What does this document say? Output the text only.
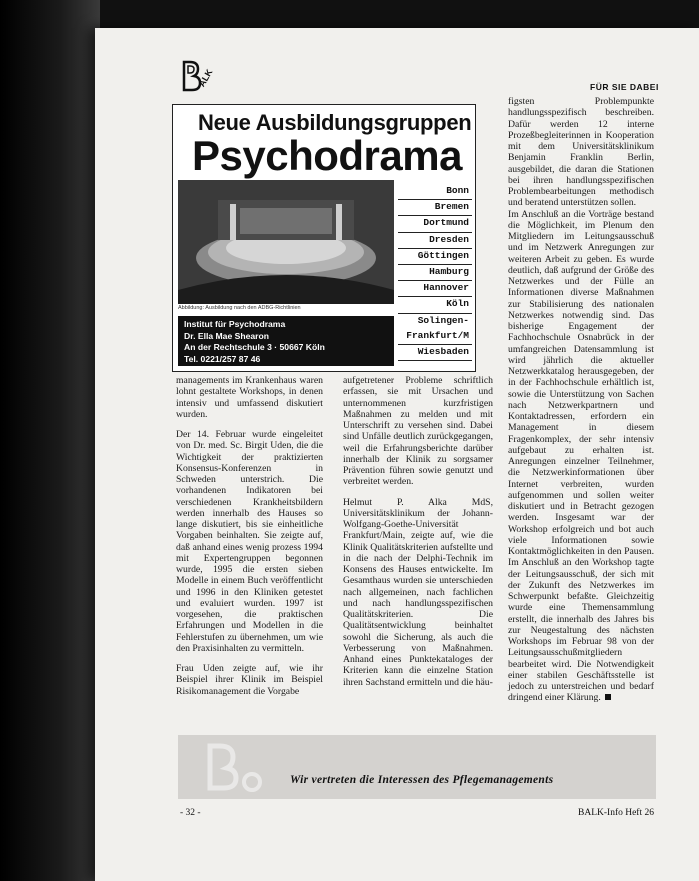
ALK	FÜR SIE DABEI
Neue Ausbildungsgruppen
Psychodrama
Abbildung: Ausbildung nach den ADBG-Richtlinien
Bonn
Bremen
Dortmund
Dresden
Göttingen
Hamburg
Hannover
Köln
Solingen-
Frankfurt/M
Wiesbaden
Institut für Psychodrama
Dr. Ella Mae Shearon
An der Rechtschule 3 · 50667 Köln
Tel. 0221/257 87 46

managements im Krankenhaus waren lohnt gestaltete Workshops, in denen intensiv und umfassend diskutiert wurden.

Der 14. Februar wurde eingeleitet von Dr. med. Sc. Birgit Uden, die die Wichtigkeit der praktizierten Konsensus-Konferenzen in Schweden unterstrich. Die vorhandenen Indikatoren bei verschiedenen Krankheitsbildern werden innerhalb des Hauses so lange diskutiert, bis sie einheitliche Vorgaben beinhalten. Sie zeigte auf, daß anhand eines wenig prozess 1994 mit Expertengruppen begonnen wurde, 1995 die ersten sieben Modelle in einem Buch veröffentlicht und 1996 in den Kliniken getestet und evaluiert wurden. 1997 ist vorgesehen, die praktischen Erfahrungen und Modellen in die Fehlerstufen zu übernehmen, um wie den Praxisinhalten zu vermitteln.

Frau Uden zeigte auf, wie ihr Beispiel ihrer Klinik im Beispiel Risikomanagement die Vorgabe

aufgetretener Probleme schriftlich erfassen, sie mit Ursachen und unternommenen kurzfristigen Maßnahmen zu melden und mit Unterschrift zu versehen sind. Dabei sind Unfälle deutlich zurückgegangen, weil die Erfahrungsberichte darüber innerhalb der Klinik zu sorgsamer Prävention führen sowie genutzt und verbreitet werden.

Helmut P. Alka MdS, Universitätsklinikum der Johann-Wolfgang-Goethe-Universität Frankfurt/Main, zeigte auf, wie die Klinik Qualitätskriterien aufstellte und in die nach der Delphi-Technik im Konsens des Hauses entwickelte. Im Gesamthaus wurden sie unterschieden nach allgemeinen, nach fachlichen und nach handlungsspezifischen Qualitätskriterien. Die Qualitätsentwicklung beinhaltet sowohl die Sicherung, als auch die Verbesserung von Maßnahmen. Anhand eines Punktekataloges der Kriterien kann die einzelne Station ihren Sachstand ermitteln und die häu-

figsten Problempunkte handlungsspezifisch beschreiben. Dafür werden 12 interne Prozeßbegleiterinnen in Kooperation mit dem Universitätsklinikum Benjamin Franklin Berlin, ausgebildet, die daran die Stationen bei ihren handlungsspezifischen Problembearbeitungen methodisch und beratend unterstützen sollen.

Im Anschluß an die Vorträge bestand die Möglichkeit, im Plenum den Mitgliedern im Leitungsausschuß und im Netzwerk Anregungen zur weiteren Arbeit zu geben. Es wurde deutlich, daß aufgrund der Größe des Netzwerkes und der Fülle an Informationen diverse Maßnahmen zur Stabilisierung des nationalen Netzwerkes notwendig sind. Das bisherige Engagement der Fachhochschule Osnabrück in der umfangreichen Datensammlung ist wird jährlich die aktueller Netzwerkkatalog herausgegeben, der in der Fachhochschule erhältlich ist, sowie die Unterstützung von Sachen nach Netzwerkpartnern und Kontaktadressen, erfordern ein Management in diesem Fragenkomplex, der sehr intensiv aufgebaut zu erhalten ist. Anregungen einzelner Teilnehmer, die Netzwerkinformationen über Internet verbreiten, wurden aufgenommen und sollen weiter diskutiert und in Betracht gezogen werden. Insgesamt war der Workshop erfolgreich und bot auch viele Informationen sowie Kontaktmöglichkeiten in den Pausen. Im Anschluß an den Workshop tagte der Leitungsausschuß, der sich mit der Zukunft des Netzwerkes im Schwerpunkt befaßte. Gleichzeitig wurde eine Themensammlung erstellt, die innerhalb des Jahres bis zur Neugestaltung des nächsten Workshops im Februar 98 von der Leitungsausschußmitgliedern bearbeitet wird. Die Notwendigkeit einer stabilen Geschäftsstelle ist jedoch zu unterstreichen und bedarf dringend einer Klärung.

Wir vertreten die Interessen des Pflegemanagements
- 32 -	BALK-Info Heft 26
